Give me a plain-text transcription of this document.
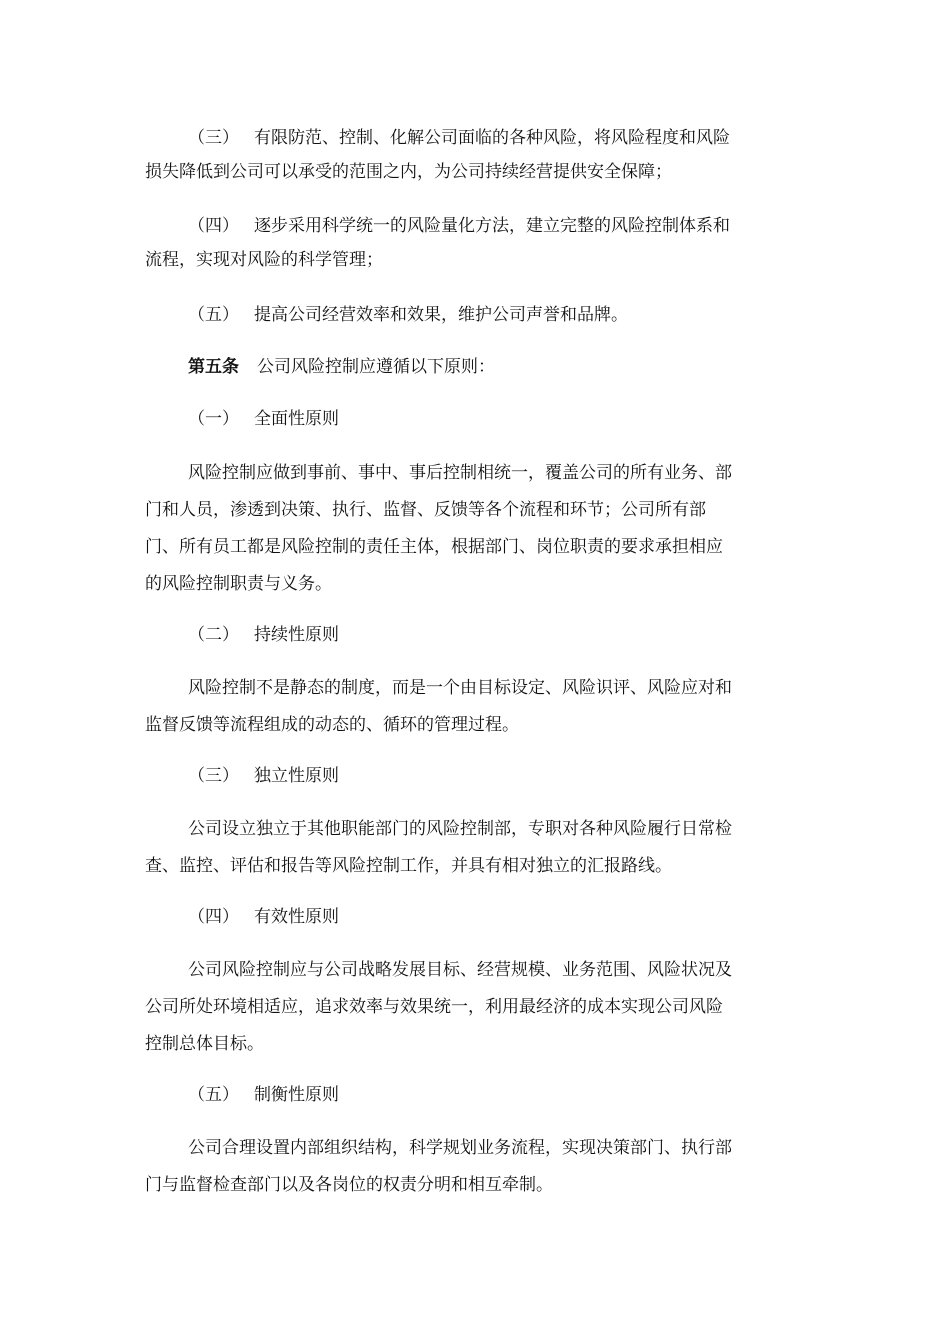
（三） 有限防范、控制、化解公司面临的各种风险，将风险程度和风险
损失降低到公司可以承受的范围之内，为公司持续经营提供安全保障；
（四） 逐步采用科学统一的风险量化方法，建立完整的风险控制体系和
流程，实现对风险的科学管理；
（五） 提高公司经营效率和效果，维护公司声誉和品牌。
第五条 公司风险控制应遵循以下原则：
（一） 全面性原则
风险控制应做到事前、事中、事后控制相统一，覆盖公司的所有业务、部
门和人员，渗透到决策、执行、监督、反馈等各个流程和环节；公司所有部
门、所有员工都是风险控制的责任主体，根据部门、岗位职责的要求承担相应
的风险控制职责与义务。
（二） 持续性原则
风险控制不是静态的制度，而是一个由目标设定、风险识评、风险应对和
监督反馈等流程组成的动态的、循环的管理过程。
（三） 独立性原则
公司设立独立于其他职能部门的风险控制部，专职对各种风险履行日常检
查、监控、评估和报告等风险控制工作，并具有相对独立的汇报路线。
（四） 有效性原则
公司风险控制应与公司战略发展目标、经营规模、业务范围、风险状况及
公司所处环境相适应，追求效率与效果统一，利用最经济的成本实现公司风险
控制总体目标。
（五） 制衡性原则
公司合理设置内部组织结构，科学规划业务流程，实现决策部门、执行部
门与监督检查部门以及各岗位的权责分明和相互牵制。
